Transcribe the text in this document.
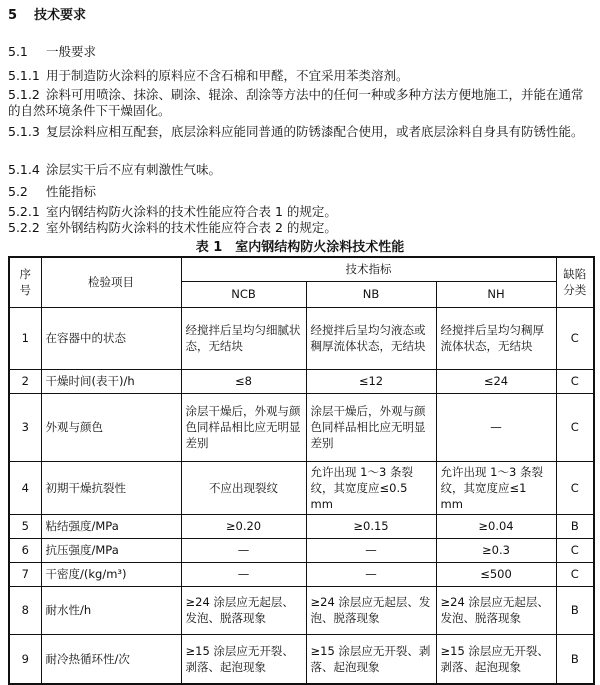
5 技术要求
5.1 一般要求
5.1.1 用于制造防火涂料的原料应不含石棉和甲醛，不宜采用苯类溶剂。
5.1.2 涂料可用喷涂、抹涂、刷涂、辊涂、刮涂等方法中的任何一种或多种方法方便地施工，并能在通常的自然环境条件下干燥固化。
5.1.3 复层涂料应相互配套，底层涂料应能同普通的防锈漆配合使用，或者底层涂料自身具有防锈性能。
5.1.4 涂层实干后不应有刺激性气味。
5.2 性能指标
5.2.1 室内钢结构防火涂料的技术性能应符合表 1 的规定。
5.2.2 室外钢结构防火涂料的技术性能应符合表 2 的规定。
表 1　室内钢结构防火涂料技术性能
序号	检验项目	技术指标			缺陷
分类

		NCB	NB	NH	
1	在容器中的状态	经搅拌后呈均匀细腻状态，无结块	经搅拌后呈均匀液态或稠厚流体状态，无结块	经搅拌后呈均匀稠厚流体状态，无结块	C
2	干燥时间(表干)/h	≤8	≤12	≤24	C
3	外观与颜色	涂层干燥后，外观与颜色同样品相比应无明显差别	涂层干燥后，外观与颜色同样品相比应无明显差别	—	C
4	初期干燥抗裂性	不应出现裂纹	允许出现 1～3 条裂纹，其宽度应≤0.5 mm	允许出现 1～3 条裂纹，其宽度应≤1 mm	C
5	粘结强度/MPa	≥0.20	≥0.15	≥0.04	B
6	抗压强度/MPa	—	—	≥0.3	C
7	干密度/(kg/m³)	—	—	≤500	C
8	耐水性/h	≥24 涂层应无起层、发泡、脱落现象	≥24 涂层应无起层、发泡、脱落现象	≥24 涂层应无起层、发泡、脱落现象	B
9	耐冷热循环性/次	≥15 涂层应无开裂、剥落、起泡现象	≥15 涂层应无开裂、剥落、起泡现象	≥15 涂层应无开裂、剥落、起泡现象	B
